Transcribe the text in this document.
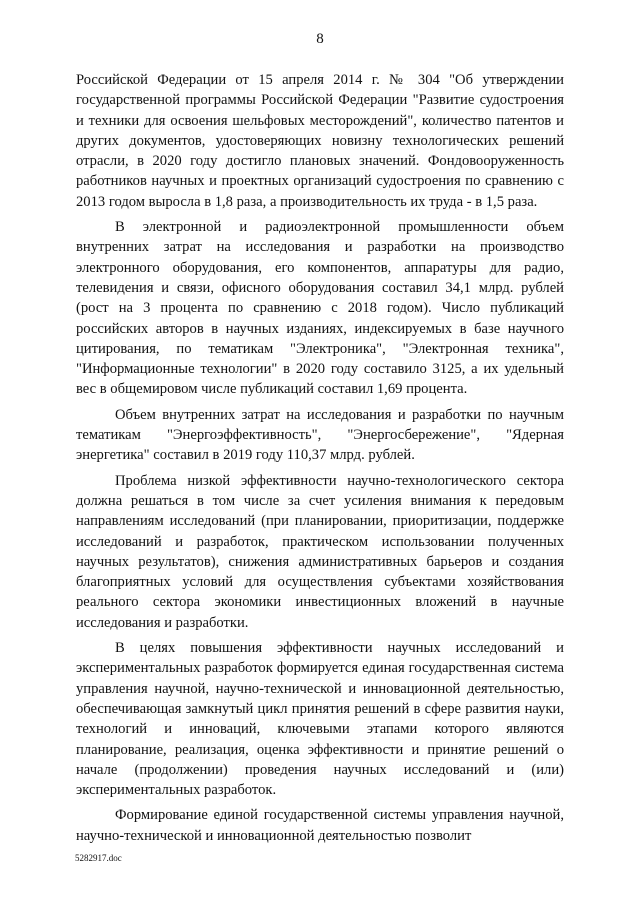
8

Российской Федерации от 15 апреля 2014 г. № 304 "Об утверждении государственной программы Российской Федерации "Развитие судостроения и техники для освоения шельфовых месторождений", количество патентов и других документов, удостоверяющих новизну технологических решений отрасли, в 2020 году достигло плановых значений. Фондовооруженность работников научных и проектных организаций судостроения по сравнению с 2013 годом выросла в 1,8 раза, а производительность их труда - в 1,5 раза.

В электронной и радиоэлектронной промышленности объем внутренних затрат на исследования и разработки на производство электронного оборудования, его компонентов, аппаратуры для радио, телевидения и связи, офисного оборудования составил 34,1 млрд. рублей (рост на 3 процента по сравнению с 2018 годом). Число публикаций российских авторов в научных изданиях, индексируемых в базе научного цитирования, по тематикам "Электроника", "Электронная техника", "Информационные технологии" в 2020 году составило 3125, а их удельный вес в общемировом числе публикаций составил 1,69 процента.

Объем внутренних затрат на исследования и разработки по научным тематикам "Энергоэффективность", "Энергосбережение", "Ядерная энергетика" составил в 2019 году 110,37 млрд. рублей.

Проблема низкой эффективности научно-технологического сектора должна решаться в том числе за счет усиления внимания к передовым направлениям исследований (при планировании, приоритизации, поддержке исследований и разработок, практическом использовании полученных научных результатов), снижения административных барьеров и создания благоприятных условий для осуществления субъектами хозяйствования реального сектора экономики инвестиционных вложений в научные исследования и разработки.

В целях повышения эффективности научных исследований и экспериментальных разработок формируется единая государственная система управления научной, научно-технической и инновационной деятельностью, обеспечивающая замкнутый цикл принятия решений в сфере развития науки, технологий и инноваций, ключевыми этапами которого являются планирование, реализация, оценка эффективности и принятие решений о начале (продолжении) проведения научных исследований и (или) экспериментальных разработок.

Формирование единой государственной системы управления научной, научно-технической и инновационной деятельностью позволит

5282917.doc
